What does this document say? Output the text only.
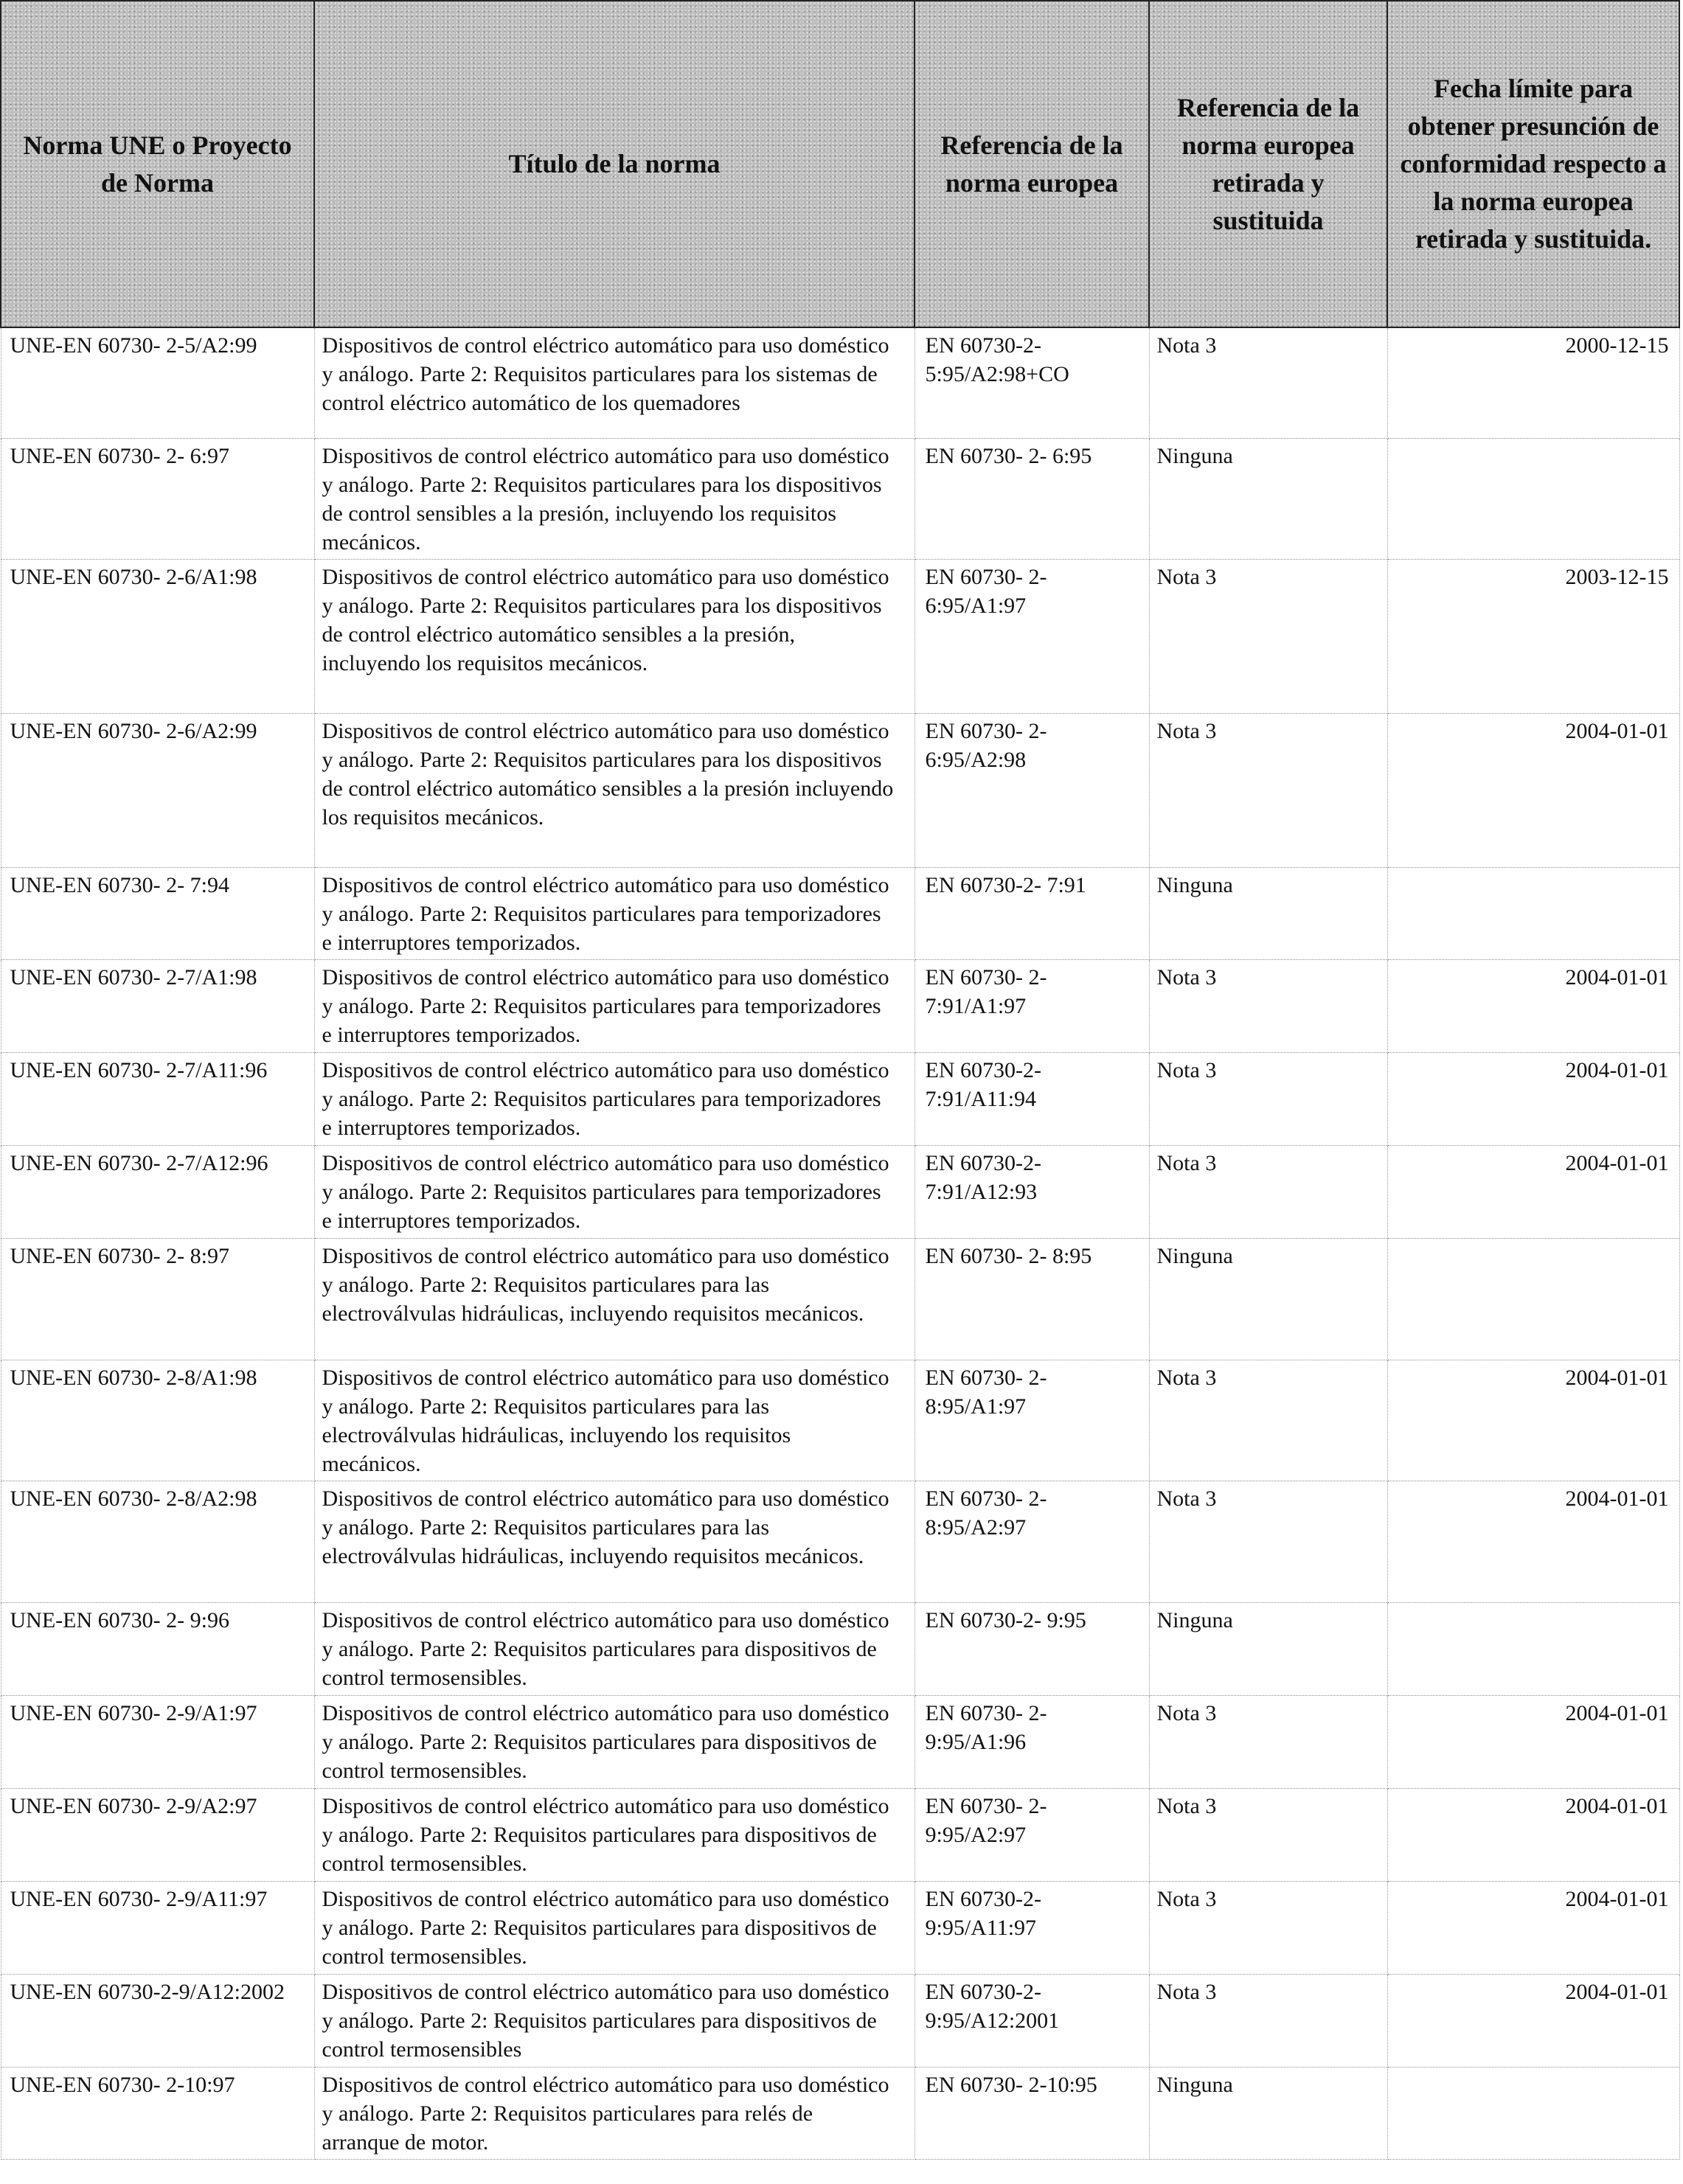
Norma UNE o Proyecto de Norma	Título de la norma	Referencia de la norma europea	Referencia de la norma europea retirada y sustituida	Fecha límite para obtener presunción de conformidad respecto a la norma europea retirada y sustituida.
UNE-EN 60730- 2-5/A2:99	Dispositivos de control eléctrico automático para uso doméstico y análogo. Parte 2: Requisitos particulares para los sistemas de control eléctrico automático de los quemadores	EN 60730-2-5:95/A2:98+CO	Nota 3	2000-12-15
UNE-EN 60730- 2- 6:97	Dispositivos de control eléctrico automático para uso doméstico y análogo. Parte 2: Requisitos particulares para los dispositivos de control sensibles a la presión, incluyendo los requisitos mecánicos.	EN 60730- 2- 6:95	Ninguna	
UNE-EN 60730- 2-6/A1:98	Dispositivos de control eléctrico automático para uso doméstico y análogo. Parte 2: Requisitos particulares para los dispositivos de control eléctrico automático sensibles a la presión, incluyendo los requisitos mecánicos.	EN 60730- 2-6:95/A1:97	Nota 3	2003-12-15
UNE-EN 60730- 2-6/A2:99	Dispositivos de control eléctrico automático para uso doméstico y análogo. Parte 2: Requisitos particulares para los dispositivos de control eléctrico automático sensibles a la presión incluyendo los requisitos mecánicos.	EN 60730- 2-6:95/A2:98	Nota 3	2004-01-01
UNE-EN 60730- 2- 7:94	Dispositivos de control eléctrico automático para uso doméstico y análogo. Parte 2: Requisitos particulares para temporizadores e interruptores temporizados.	EN 60730-2- 7:91	Ninguna	
UNE-EN 60730- 2-7/A1:98	Dispositivos de control eléctrico automático para uso doméstico y análogo. Parte 2: Requisitos particulares para temporizadores e interruptores temporizados.	EN 60730- 2-7:91/A1:97	Nota 3	2004-01-01
UNE-EN 60730- 2-7/A11:96	Dispositivos de control eléctrico automático para uso doméstico y análogo. Parte 2: Requisitos particulares para temporizadores e interruptores temporizados.	EN 60730-2-7:91/A11:94	Nota 3	2004-01-01
UNE-EN 60730- 2-7/A12:96	Dispositivos de control eléctrico automático para uso doméstico y análogo. Parte 2: Requisitos particulares para temporizadores e interruptores temporizados.	EN 60730-2-7:91/A12:93	Nota 3	2004-01-01
UNE-EN 60730- 2- 8:97	Dispositivos de control eléctrico automático para uso doméstico y análogo. Parte 2: Requisitos particulares para las electroválvulas hidráulicas, incluyendo requisitos mecánicos.	EN 60730- 2- 8:95	Ninguna	
UNE-EN 60730- 2-8/A1:98	Dispositivos de control eléctrico automático para uso doméstico y análogo. Parte 2: Requisitos particulares para las electroválvulas hidráulicas, incluyendo los requisitos mecánicos.	EN 60730- 2-8:95/A1:97	Nota 3	2004-01-01
UNE-EN 60730- 2-8/A2:98	Dispositivos de control eléctrico automático para uso doméstico y análogo. Parte 2: Requisitos particulares para las electroválvulas hidráulicas, incluyendo requisitos mecánicos.	EN 60730- 2-8:95/A2:97	Nota 3	2004-01-01
UNE-EN 60730- 2- 9:96	Dispositivos de control eléctrico automático para uso doméstico y análogo. Parte 2: Requisitos particulares para dispositivos de control termosensibles.	EN 60730-2- 9:95	Ninguna	
UNE-EN 60730- 2-9/A1:97	Dispositivos de control eléctrico automático para uso doméstico y análogo. Parte 2: Requisitos particulares para dispositivos de control termosensibles.	EN 60730- 2-9:95/A1:96	Nota 3	2004-01-01
UNE-EN 60730- 2-9/A2:97	Dispositivos de control eléctrico automático para uso doméstico y análogo. Parte 2: Requisitos particulares para dispositivos de control termosensibles.	EN 60730- 2-9:95/A2:97	Nota 3	2004-01-01
UNE-EN 60730- 2-9/A11:97	Dispositivos de control eléctrico automático para uso doméstico y análogo. Parte 2: Requisitos particulares para dispositivos de control termosensibles.	EN 60730-2-9:95/A11:97	Nota 3	2004-01-01
UNE-EN 60730-2-9/A12:2002	Dispositivos de control eléctrico automático para uso doméstico y análogo. Parte 2: Requisitos particulares para dispositivos de control termosensibles	EN 60730-2-9:95/A12:2001	Nota 3	2004-01-01
UNE-EN 60730- 2-10:97	Dispositivos de control eléctrico automático para uso doméstico y análogo. Parte 2: Requisitos particulares para relés de arranque de motor.	EN 60730- 2-10:95	Ninguna	
